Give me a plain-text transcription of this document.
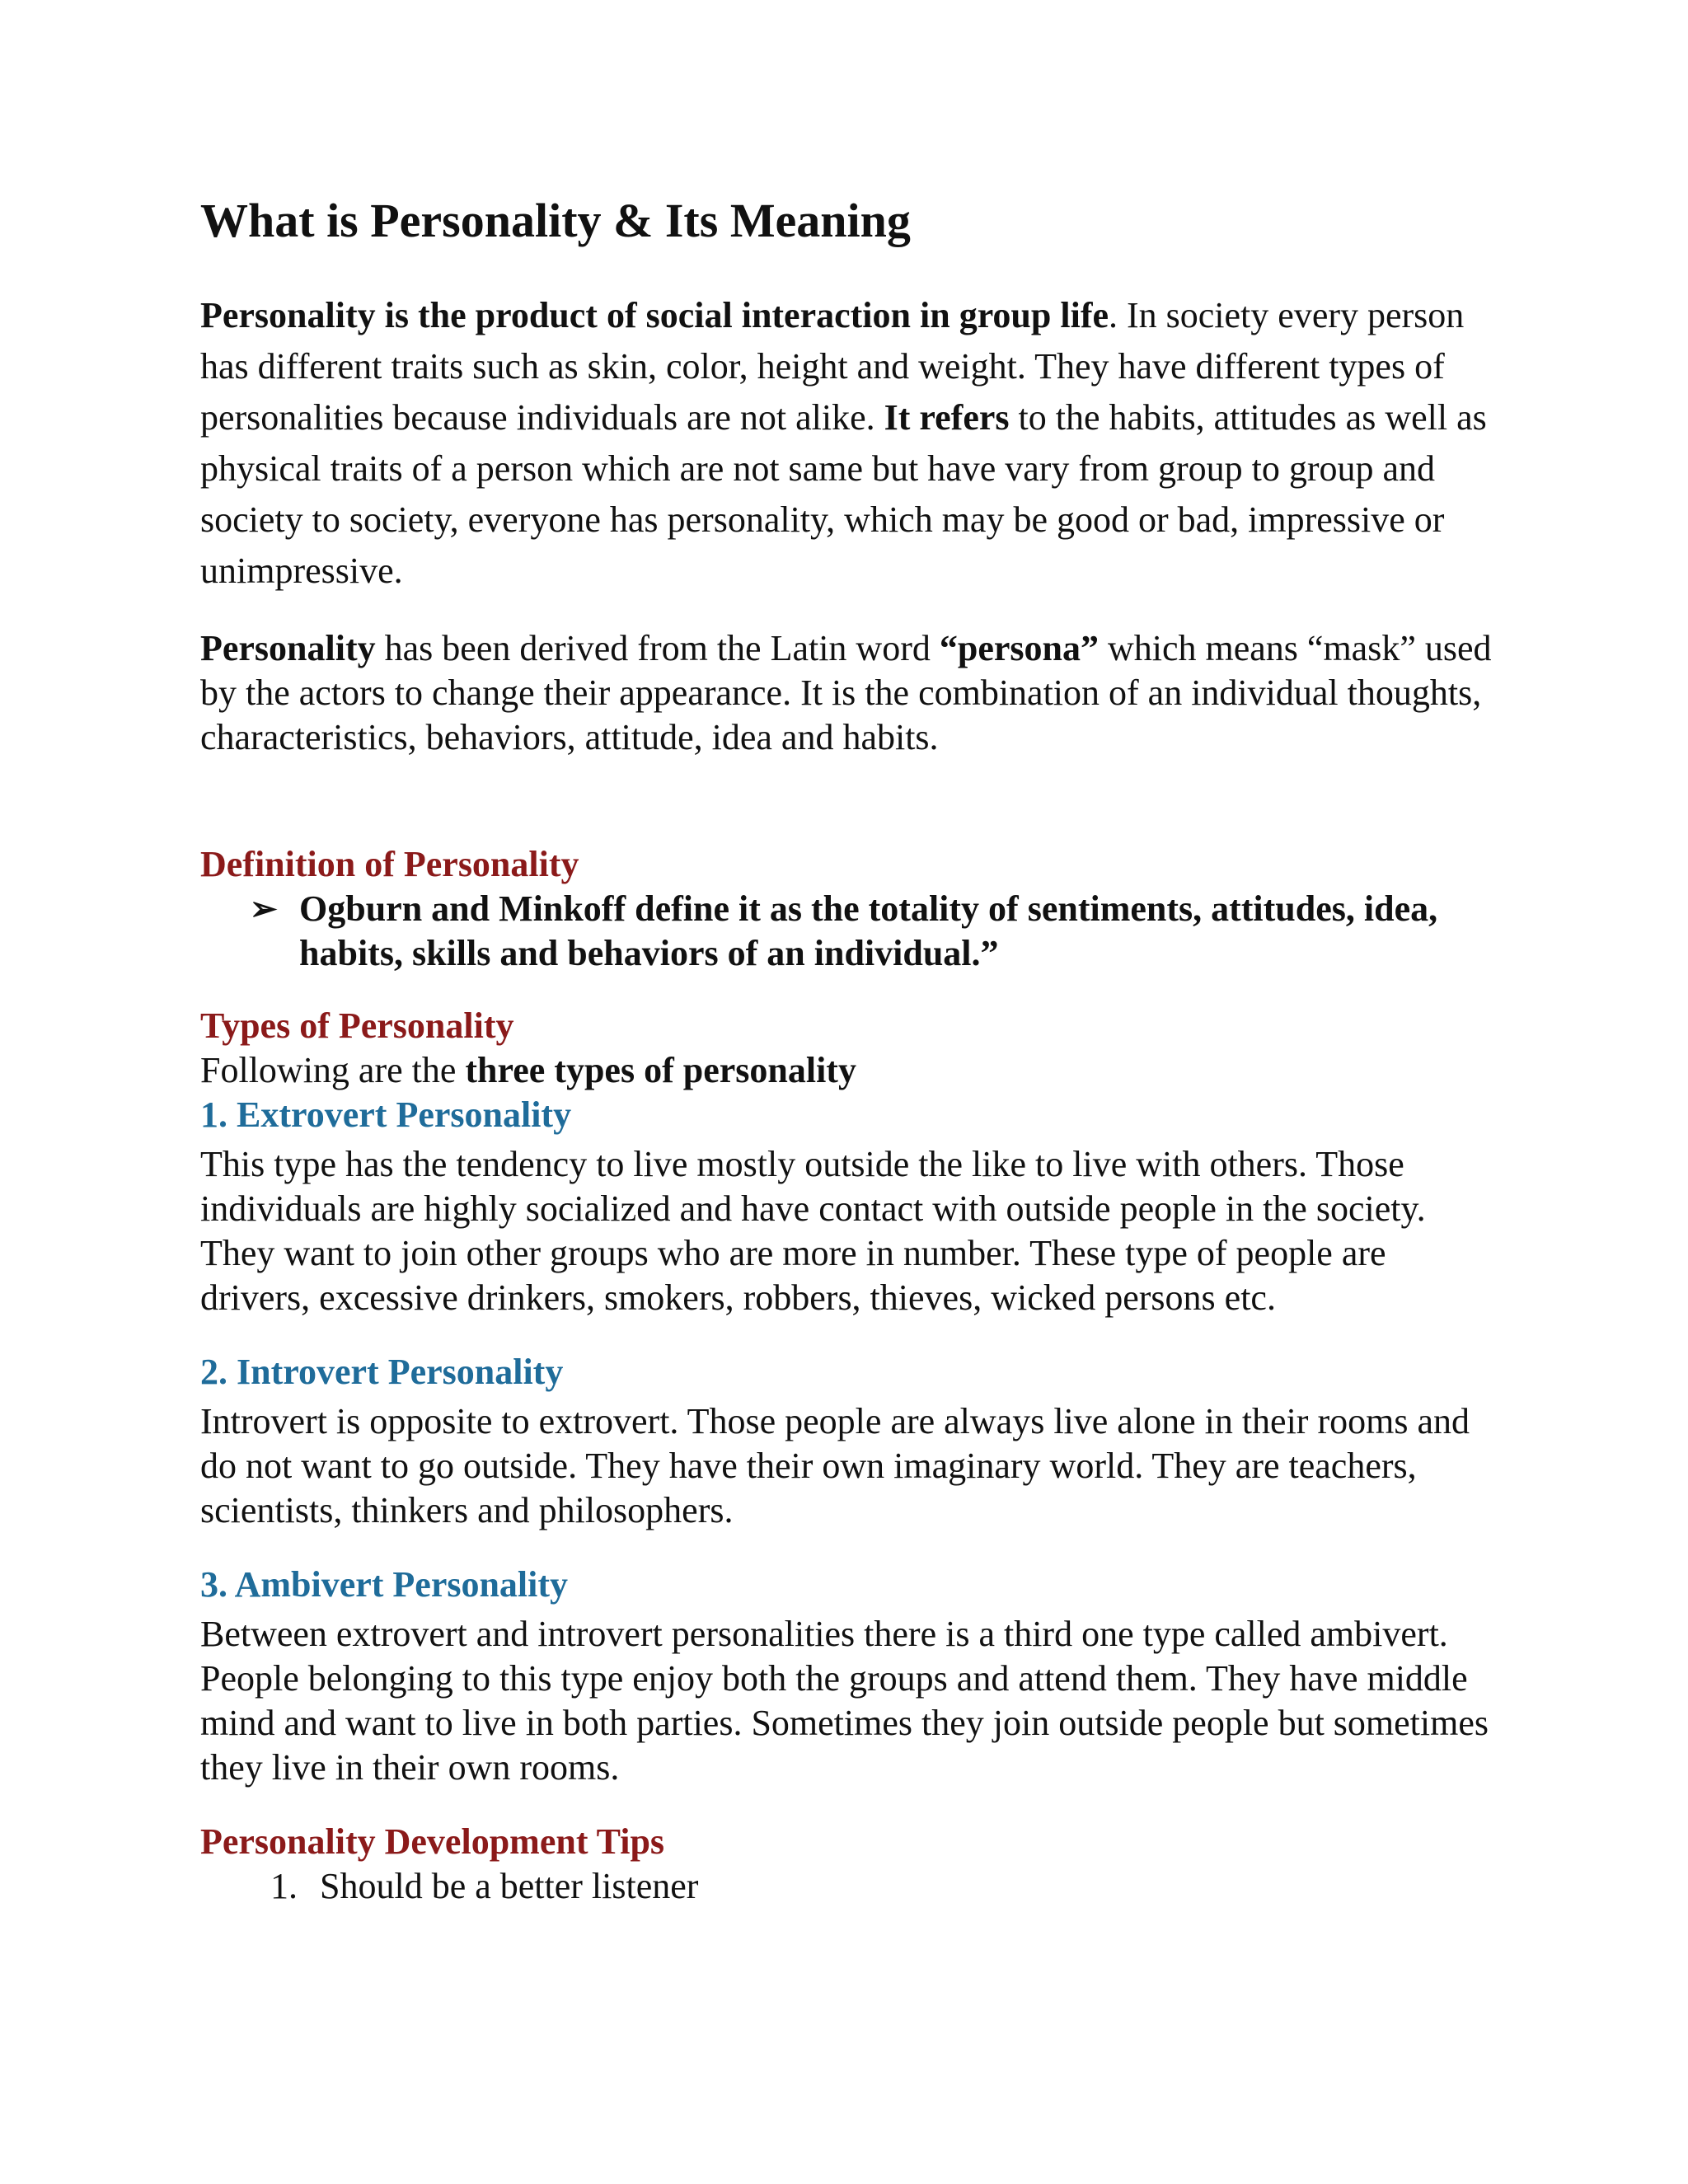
What is Personality & Its Meaning

Personality is the product of social interaction in group life. In society every person has different traits such as skin, color, height and weight. They have different types of personalities because individuals are not alike. It refers to the habits, attitudes as well as physical traits of a person which are not same but have vary from group to group and society to society, everyone has personality, which may be good or bad, impressive or unimpressive.

Personality has been derived from the Latin word “persona” which means “mask” used by the actors to change their appearance. It is the combination of an individual thoughts, characteristics, behaviors, attitude, idea and habits.

Definition of Personality
➢ Ogburn and Minkoff define it as the totality of sentiments, attitudes, idea, habits, skills and behaviors of an individual.”
Types of Personality

Following are the three types of personality

1. Extrovert Personality

This type has the tendency to live mostly outside the like to live with others. Those individuals are highly socialized and have contact with outside people in the society. They want to join other groups who are more in number. These type of people are drivers, excessive drinkers, smokers, robbers, thieves, wicked persons etc.

2. Introvert Personality

Introvert is opposite to extrovert. Those people are always live alone in their rooms and do not want to go outside. They have their own imaginary world. They are teachers, scientists, thinkers and philosophers.

3. Ambivert Personality

Between extrovert and introvert personalities there is a third one type called ambivert. People belonging to this type enjoy both the groups and attend them. They have middle mind and want to live in both parties. Sometimes they join outside people but sometimes they live in their own rooms.

Personality Development Tips
1. Should be a better listener
